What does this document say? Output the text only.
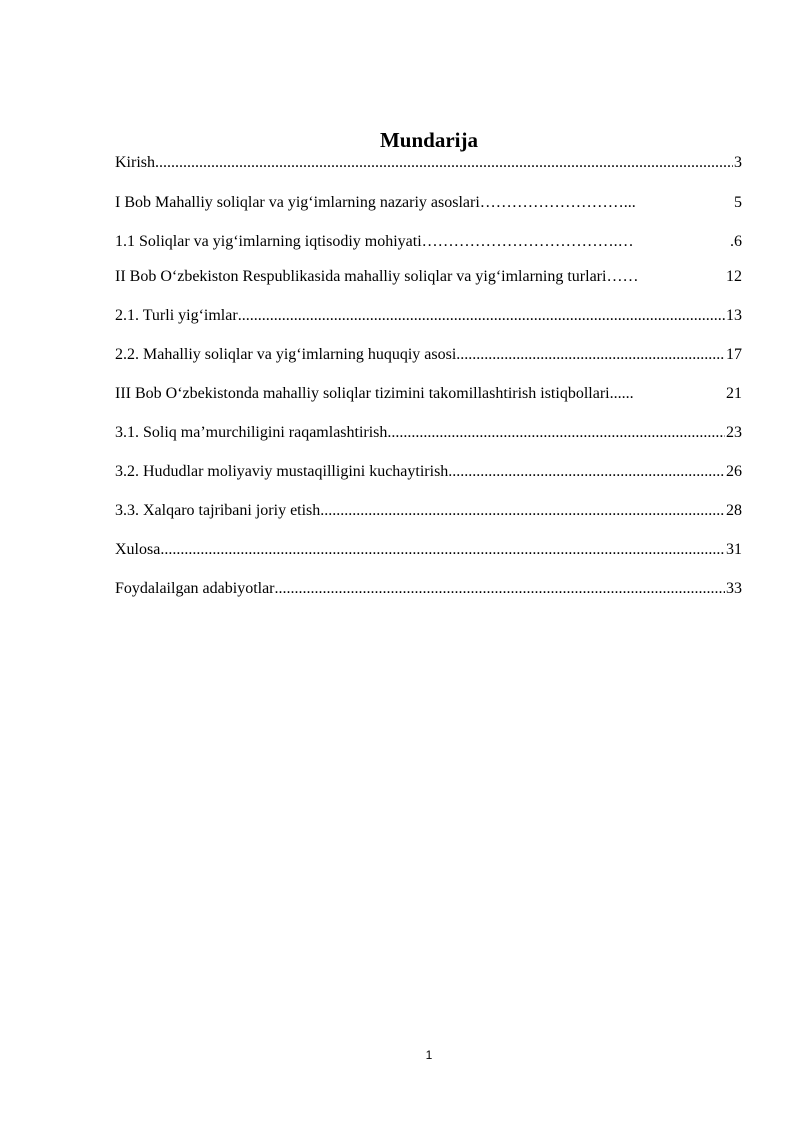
Mundarija
Kirish .....	3
I Bob Mahalliy soliqlar va yig‘imlarning nazariy asoslari………………………...	5
1.1 Soliqlar va yig‘imlarning iqtisodiy mohiyati……………………………….…	.6
II Bob O‘zbekiston Respublikasida mahalliy soliqlar va yig‘imlarning turlari……	12
2.1. Turli yig‘imlar .....	13
2.2. Mahalliy soliqlar va yig‘imlarning huquqiy asosi .....	17
III Bob O‘zbekistonda mahalliy soliqlar tizimini takomillashtirish istiqbollari......	21
3.1. Soliq ma’murchiligini raqamlashtirish .....	23
3.2. Hududlar moliyaviy mustaqilligini kuchaytirish .....	26
3.3. Xalqaro tajribani joriy etish .....	28
Xulosa .....	31
Foydalailgan adabiyotlar .....	33
1
